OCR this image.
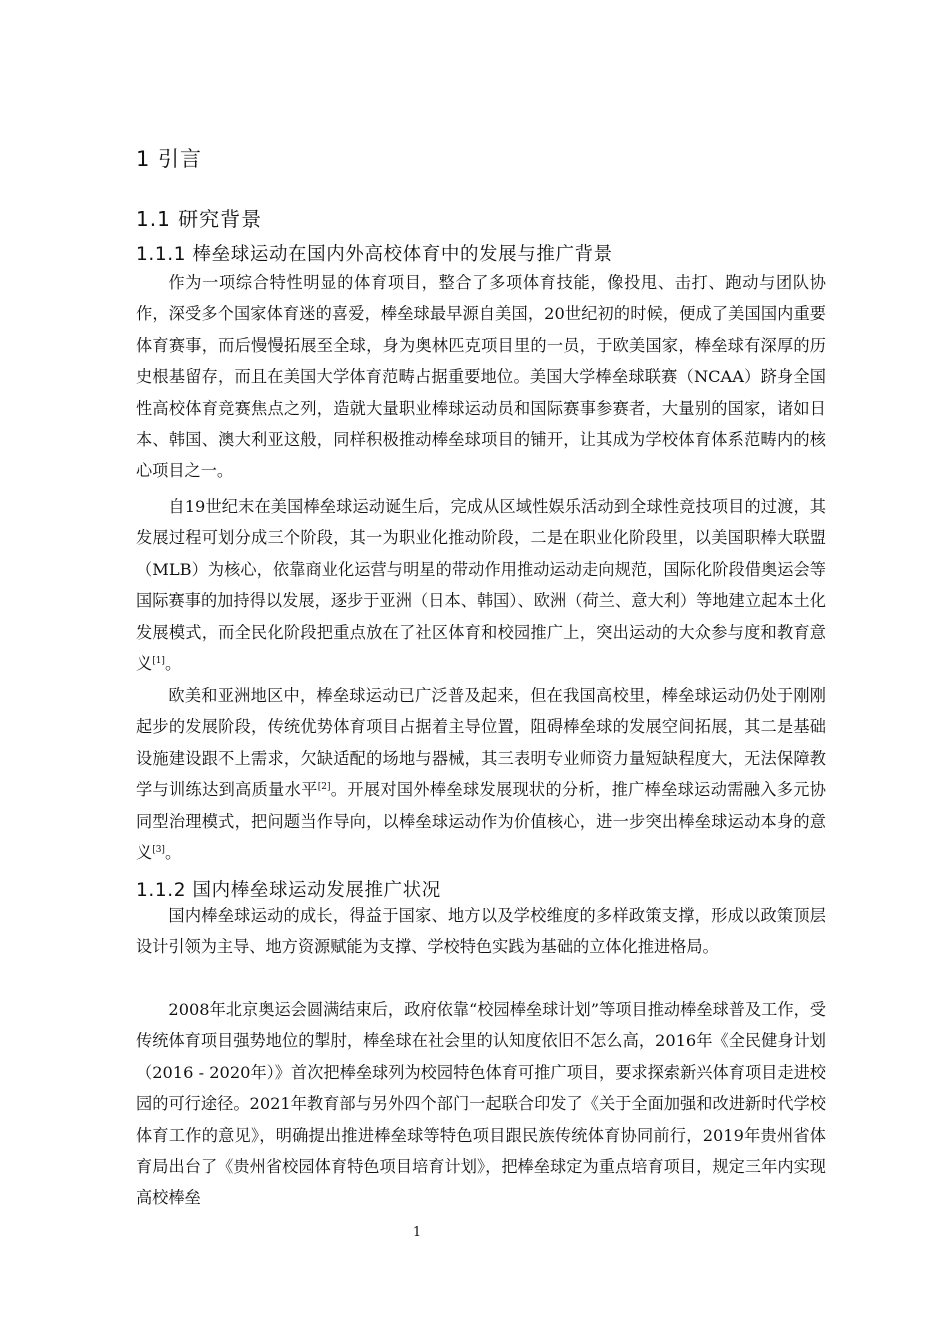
1 引言
1.1 研究背景
1.1.1 棒垒球运动在国内外高校体育中的发展与推广背景

作为一项综合特性明显的体育项目，整合了多项体育技能，像投甩、击打、跑动与团队协作，深受多个国家体育迷的喜爱，棒垒球最早源自美国，20世纪初的时候，便成了美国国内重要体育赛事，而后慢慢拓展至全球，身为奥林匹克项目里的一员，于欧美国家，棒垒球有深厚的历史根基留存，而且在美国大学体育范畴占据重要地位。美国大学棒垒球联赛（NCAA）跻身全国性高校体育竞赛焦点之列，造就大量职业棒球运动员和国际赛事参赛者，大量别的国家，诸如日本、韩国、澳大利亚这般，同样积极推动棒垒球项目的铺开，让其成为学校体育体系范畴内的核心项目之一。

自19世纪末在美国棒垒球运动诞生后，完成从区域性娱乐活动到全球性竞技项目的过渡，其发展过程可划分成三个阶段，其一为职业化推动阶段，二是在职业化阶段里，以美国职棒大联盟（MLB）为核心，依靠商业化运营与明星的带动作用推动运动走向规范，国际化阶段借奥运会等国际赛事的加持得以发展，逐步于亚洲（日本、韩国）、欧洲（荷兰、意大利）等地建立起本土化发展模式，而全民化阶段把重点放在了社区体育和校园推广上，突出运动的大众参与度和教育意义[1]。

欧美和亚洲地区中，棒垒球运动已广泛普及起来，但在我国高校里，棒垒球运动仍处于刚刚起步的发展阶段，传统优势体育项目占据着主导位置，阻碍棒垒球的发展空间拓展，其二是基础设施建设跟不上需求，欠缺适配的场地与器械，其三表明专业师资力量短缺程度大，无法保障教学与训练达到高质量水平[2]。开展对国外棒垒球发展现状的分析，推广棒垒球运动需融入多元协同型治理模式，把问题当作导向，以棒垒球运动作为价值核心，进一步突出棒垒球运动本身的意义[3]。

1.1.2 国内棒垒球运动发展推广状况

国内棒垒球运动的成长，得益于国家、地方以及学校维度的多样政策支撑，形成以政策顶层设计引领为主导、地方资源赋能为支撑、学校特色实践为基础的立体化推进格局。

2008年北京奥运会圆满结束后，政府依靠“校园棒垒球计划”等项目推动棒垒球普及工作，受传统体育项目强势地位的掣肘，棒垒球在社会里的认知度依旧不怎么高，2016年《全民健身计划（2016 - 2020年）》首次把棒垒球列为校园特色体育可推广项目，要求探索新兴体育项目走进校园的可行途径。2021年教育部与另外四个部门一起联合印发了《关于全面加强和改进新时代学校体育工作的意见》，明确提出推进棒垒球等特色项目跟民族传统体育协同前行，2019年贵州省体育局出台了《贵州省校园体育特色项目培育计划》，把棒垒球定为重点培育项目，规定三年内实现高校棒垒

1
